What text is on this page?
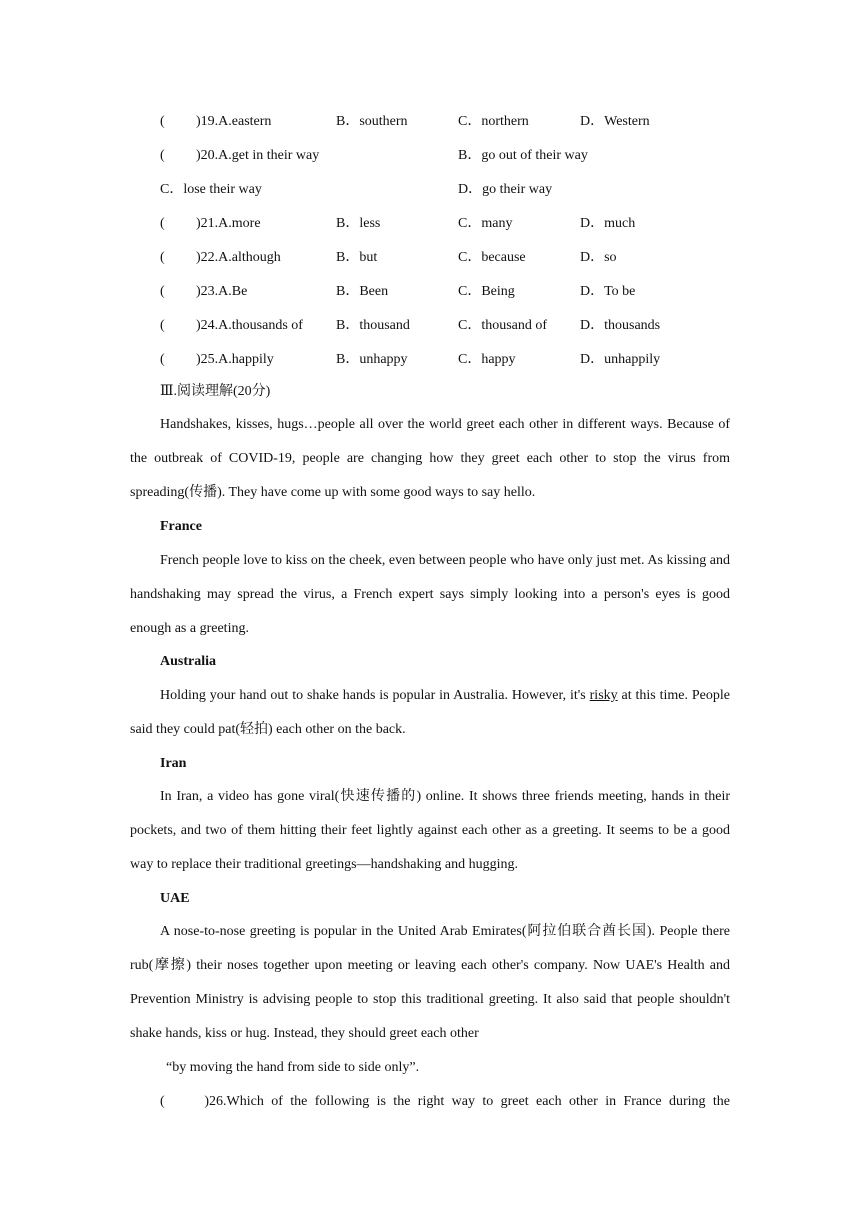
( )19.A.eastern	B．southern	C．northern	D．Western
( )20.A.get in their way	B．go out of their way
C．lose their way	D．go their way
( )21.A.more	B．less	C．many	D．much
( )22.A.although	B．but	C．because	D．so
( )23.A.Be	B．Been	C．Being	D．To be
( )24.A.thousands of B．thousand	C．thousand of D．thousands
( )25.A.happily	B．unhappy	C．happy	D．unhappily
Ⅲ.阅读理解(20分)
Handshakes, kisses, hugs…people all over the world greet each other in different ways. Because of the outbreak of COVID-19, people are changing how they greet each other to stop the virus from spreading(传播). They have come up with some good ways to say hello.
France
French people love to kiss on the cheek, even between people who have only just met. As kissing and handshaking may spread the virus, a French expert says simply looking into a person's eyes is good enough as a greeting.
Australia
Holding your hand out to shake hands is popular in Australia. However, it's risky at this time. People said they could pat(轻拍) each other on the back.
Iran
In Iran, a video has gone viral(快速传播的) online. It shows three friends meeting, hands in their pockets, and two of them hitting their feet lightly against each other as a greeting. It seems to be a good way to replace their traditional greetings—handshaking and hugging.
UAE
A nose-to-nose greeting is popular in the United Arab Emirates(阿拉伯联合酋长国). People there rub(摩擦) their noses together upon meeting or leaving each other's company. Now UAE's Health and Prevention Ministry is advising people to stop this traditional greeting. It also said that people shouldn't shake hands, kiss or hug. Instead, they should greet each other
“by moving the hand from side to side only”.
(　　)26.Which of the following is the right way to greet each other in France during the
